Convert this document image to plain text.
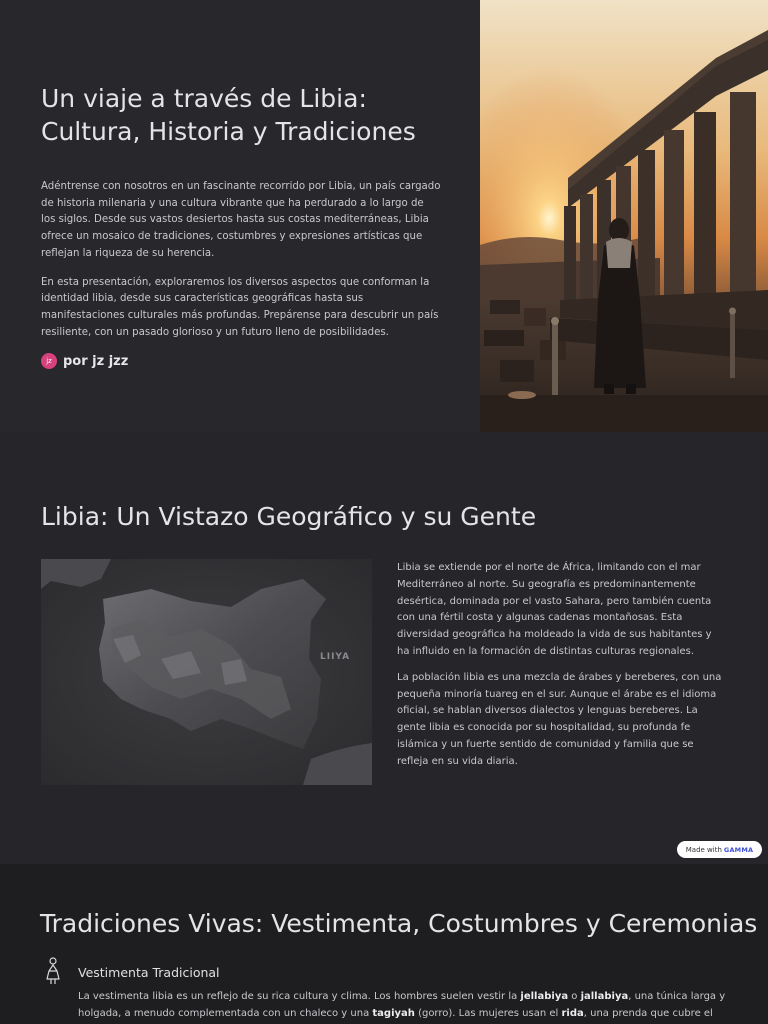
Un viaje a través de Libia:
Cultura, Historia y Tradiciones

Adéntrense con nosotros en un fascinante recorrido por Libia, un país cargado de historia milenaria y una cultura vibrante que ha perdurado a lo largo de los siglos. Desde sus vastos desiertos hasta sus costas mediterráneas, Libia ofrece un mosaico de tradiciones, costumbres y expresiones artísticas que reflejan la riqueza de su herencia.

En esta presentación, exploraremos los diversos aspectos que conforman la identidad libia, desde sus características geográficas hasta sus manifestaciones culturales más profundas. Prepárense para descubrir un país resiliente, con un pasado glorioso y un futuro lleno de posibilidades.

jz por jz jzz
Libia: Un Vistazo Geográfico y su Gente
LIIYA

Libia se extiende por el norte de África, limitando con el mar Mediterráneo al norte. Su geografía es predominantemente desértica, dominada por el vasto Sahara, pero también cuenta con una fértil costa y algunas cadenas montañosas. Esta diversidad geográfica ha moldeado la vida de sus habitantes y ha influido en la formación de distintas culturas regionales.

La población libia es una mezcla de árabes y bereberes, con una pequeña minoría tuareg en el sur. Aunque el árabe es el idioma oficial, se hablan diversos dialectos y lenguas bereberes. La gente libia es conocida por su hospitalidad, su profunda fe islámica y un fuerte sentido de comunidad y familia que se refleja en su vida diaria.

Made with GAMMA
Tradiciones Vivas: Vestimenta, Costumbres y Ceremonias
Vestimenta Tradicional

La vestimenta libia es un reflejo de su rica cultura y clima. Los hombres suelen vestir la jellabiya o jallabiya, una túnica larga y holgada, a menudo complementada con un chaleco y una tagiyah (gorro). Las mujeres usan el rida, una prenda que cubre el
